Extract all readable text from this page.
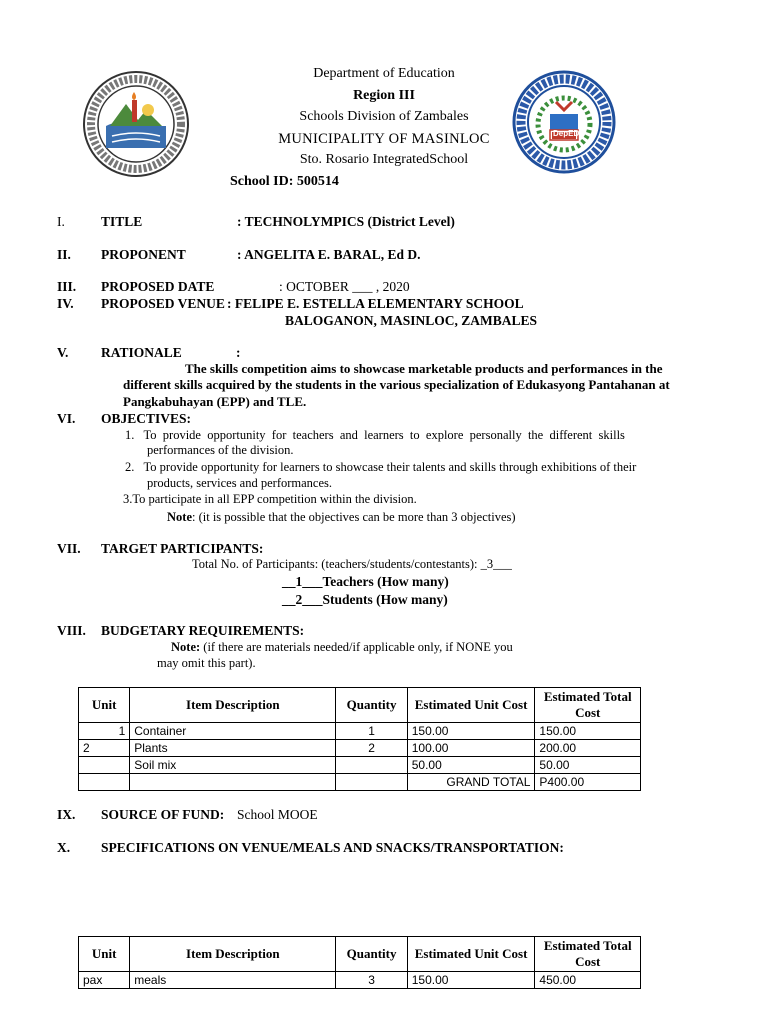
DepED
Department of Education
Region III
Schools Division of Zambales
MUNICIPALITY OF MASINLOC
Sto. Rosario IntegratedSchool
School ID: 500514
I.	TITLE	: TECHNOLYMPICS (District Level)
II. PROPONENT	: ANGELITA E. BARAL, Ed D.
III. PROPOSED DATE	: OCTOBER ___ , 2020
IV. PROPOSED VENUE : FELIPE E. ESTELLA ELEMENTARY SCHOOL
BALOGANON, MASINLOC, ZAMBALES
V. RATIONALE	:
The skills competition aims to showcase marketable products and performances in the
different skills acquired by the students in the various specialization of Edukasyong Pantahanan at
Pangkabuhayan (EPP) and TLE.
VI. OBJECTIVES:
1.   To  provide  opportunity  for  teachers  and  learners  to  explore  personally  the  different  skills
performances of the division.
2.   To provide opportunity for learners to showcase their talents and skills through exhibitions of their
products, services and performances.
3.To participate in all EPP competition within the division.
Note: (it is possible that the objectives can be more than 3 objectives)
VII. TARGET PARTICIPANTS:
Total No. of Participants: (teachers/students/contestants): _3___
__1___Teachers (How many)
__2___Students (How many)
VIII. BUDGETARY REQUIREMENTS:
Note: (if there are materials needed/if applicable only, if NONE you
may omit this part).
Unit	Item Description	Quantity	Estimated Unit Cost	Estimated Total Cost
1	Container	1	150.00	150.00
2	Plants	2	100.00	200.00
	Soil mix		50.00	50.00
			GRAND TOTAL	P400.00
IX. SOURCE OF FUND: School MOOE
X. SPECIFICATIONS ON VENUE/MEALS AND SNACKS/TRANSPORTATION:
Unit	Item Description	Quantity	Estimated Unit Cost	Estimated Total Cost
pax	meals	3	150.00	450.00
